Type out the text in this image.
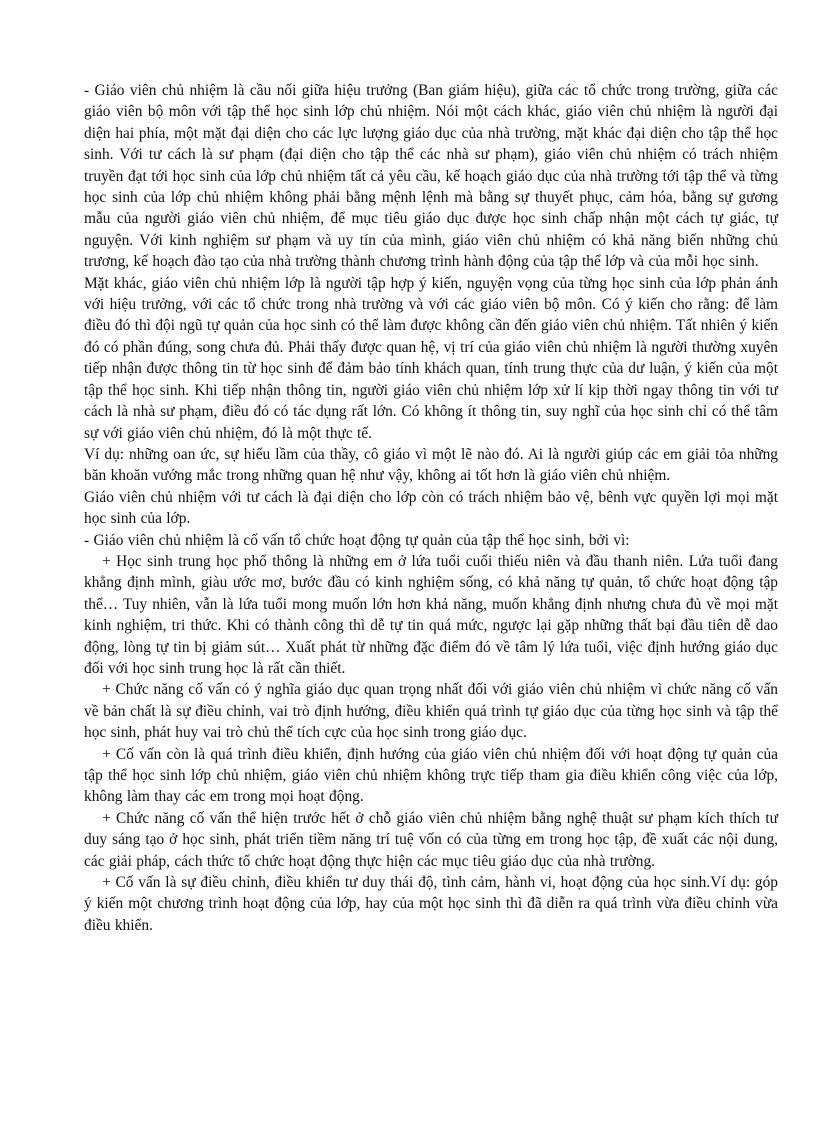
- Giáo viên chủ nhiệm là cầu nối giữa hiệu trưởng (Ban giám hiệu), giữa các tổ chức trong trường, giữa các giáo viên bộ môn với tập thể học sinh lớp chủ nhiệm. Nói một cách khác, giáo viên chủ nhiệm là người đại diện hai phía, một mặt đại diện cho các lực lượng giáo dục của nhà trường, mặt khác đại diện cho tập thể học sinh. Với tư cách là sư phạm (đại diện cho tập thể các nhà sư phạm), giáo viên chủ nhiệm có trách nhiệm truyền đạt tới học sinh của lớp chủ nhiệm tất cả yêu cầu, kế hoạch giáo dục của nhà trường tới tập thể và từng học sinh của lớp chủ nhiệm không phải bằng mệnh lệnh mà bằng sự thuyết phục, cảm hóa, bằng sự gương mẫu của người giáo viên chủ nhiệm, để mục tiêu giáo dục được học sinh chấp nhận một cách tự giác, tự nguyện. Với kinh nghiệm sư phạm và uy tín của mình, giáo viên chủ nhiệm có khả năng biến những chủ trương, kế hoạch đào tạo của nhà trường thành chương trình hành động của tập thể lớp và của mỗi học sinh.

Mặt khác, giáo viên chủ nhiệm lớp là người tập hợp ý kiến, nguyện vọng của từng học sinh của lớp phản ánh với hiệu trưởng, với các tổ chức trong nhà trường và với các giáo viên bộ môn. Có ý kiến cho rằng: để làm điều đó thì đội ngũ tự quản của học sinh có thể làm được không cần đến giáo viên chủ nhiệm. Tất nhiên ý kiến đó có phần đúng, song chưa đủ. Phải thấy được quan hệ, vị trí của giáo viên chủ nhiệm là người thường xuyên tiếp nhận được thông tin từ học sinh để đảm bảo tính khách quan, tính trung thực của dư luận, ý kiến của một tập thể học sinh. Khi tiếp nhận thông tin, người giáo viên chủ nhiệm lớp xử lí kịp thời ngay thông tin với tư cách là nhà sư phạm, điều đó có tác dụng rất lớn. Có không ít thông tin, suy nghĩ của học sinh chỉ có thể tâm sự với giáo viên chủ nhiệm, đó là một thực tế.

Ví dụ: những oan ức, sự hiểu lầm của thầy, cô giáo vì một lẽ nào đó. Ai là người giúp các em giải tỏa những băn khoăn vướng mắc trong những quan hệ như vậy, không ai tốt hơn là giáo viên chủ nhiệm.

Giáo viên chủ nhiệm với tư cách là đại diện cho lớp còn có trách nhiệm bảo vệ, bênh vực quyền lợi mọi mặt học sinh của lớp.

- Giáo viên chủ nhiệm là cố vấn tổ chức hoạt động tự quản của tập thể học sinh, bởi vì:

+ Học sinh trung học phổ thông là những em ở lứa tuổi cuối thiếu niên và đầu thanh niên. Lứa tuổi đang khẳng định mình, giàu ước mơ, bước đầu có kinh nghiệm sống, có khả năng tự quản, tổ chức hoạt động tập thể… Tuy nhiên, vẫn là lứa tuổi mong muốn lớn hơn khả năng, muốn khẳng định nhưng chưa đủ về mọi mặt kinh nghiệm, tri thức. Khi có thành công thì dễ tự tin quá mức, ngược lại gặp những thất bại đầu tiên dễ dao động, lòng tự tin bị giảm sút… Xuất phát từ những đặc điểm đó về tâm lý lứa tuổi, việc định hướng giáo dục đối với học sinh trung học là rất cần thiết.

+ Chức năng cố vấn có ý nghĩa giáo dục quan trọng nhất đối với giáo viên chủ nhiệm vì chức năng cố vấn về bản chất là sự điều chỉnh, vai trò định hướng, điều khiển quá trình tự giáo dục của từng học sinh và tập thể học sinh, phát huy vai trò chủ thể tích cực của học sinh trong giáo dục.

+ Cố vấn còn là quá trình điều khiển, định hướng của giáo viên chủ nhiệm đối với hoạt động tự quản của tập thể học sinh lớp chủ nhiệm, giáo viên chủ nhiệm không trực tiếp tham gia điều khiển công việc của lớp, không làm thay các em trong mọi hoạt động.

+ Chức năng cố vấn thể hiện trước hết ở chỗ giáo viên chủ nhiệm bằng nghệ thuật sư phạm kích thích tư duy sáng tạo ở học sinh, phát triển tiềm năng trí tuệ vốn có của từng em trong học tập, đề xuất các nội dung, các giải pháp, cách thức tổ chức hoạt động thực hiện các mục tiêu giáo dục của nhà trường.

+ Cố vấn là sự điều chỉnh, điều khiển tư duy thái độ, tình cảm, hành vi, hoạt động của học sinh.Ví dụ: góp ý kiến một chương trình hoạt động của lớp, hay của một học sinh thì đã diễn ra quá trình vừa điều chỉnh vừa điều khiển.
